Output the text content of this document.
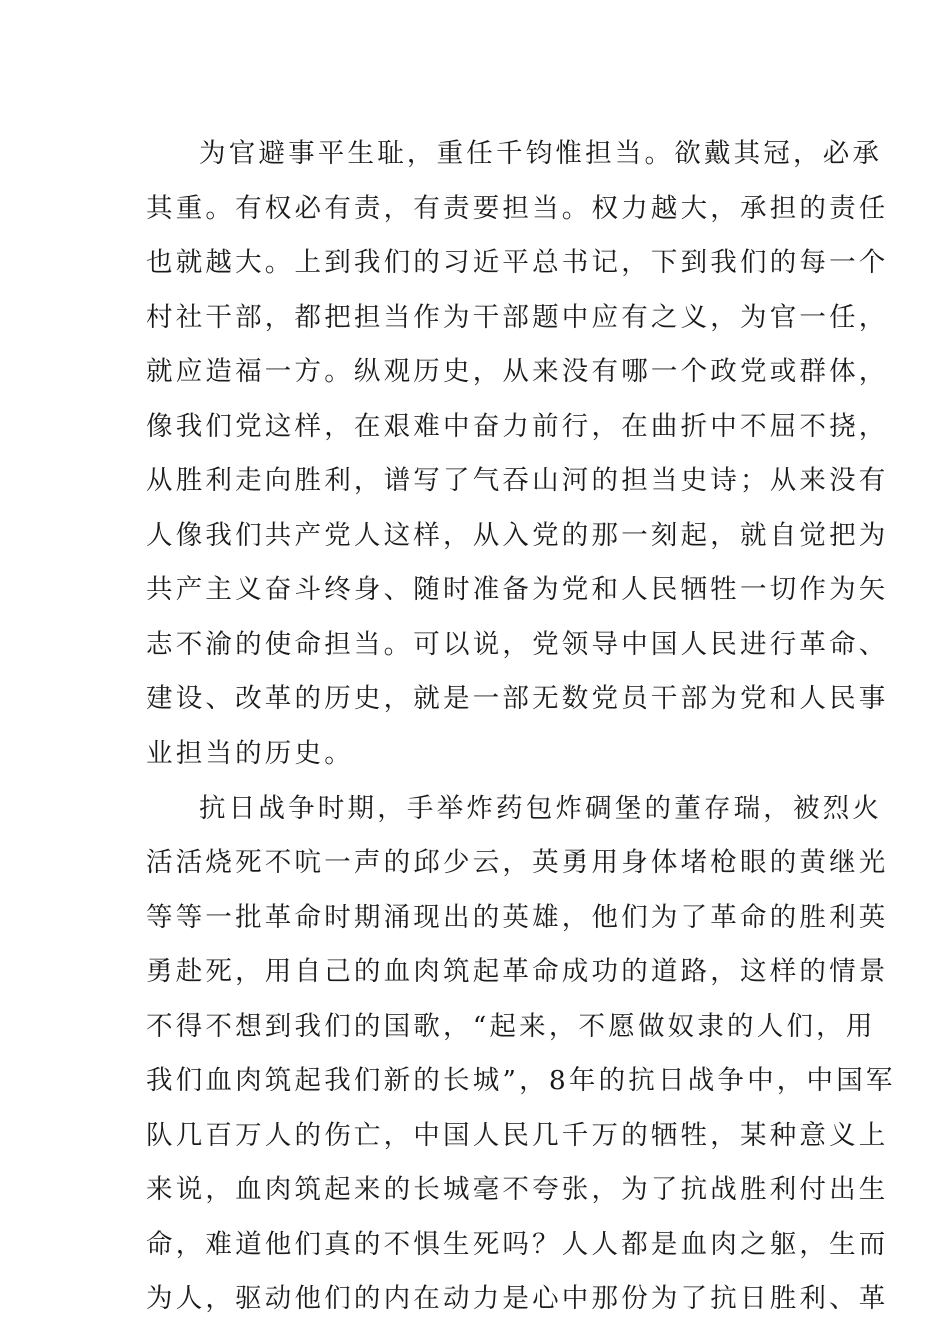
为官避事平生耻，重任千钧惟担当。欲戴其冠，必承
其重。有权必有责，有责要担当。权力越大，承担的责任
也就越大。上到我们的习近平总书记，下到我们的每一个
村社干部，都把担当作为干部题中应有之义，为官一任，
就应造福一方。纵观历史，从来没有哪一个政党或群体，
像我们党这样，在艰难中奋力前行，在曲折中不屈不挠，
从胜利走向胜利，谱写了气吞山河的担当史诗；从来没有
人像我们共产党人这样，从入党的那一刻起，就自觉把为
共产主义奋斗终身、随时准备为党和人民牺牲一切作为矢
志不渝的使命担当。可以说，党领导中国人民进行革命、
建设、改革的历史，就是一部无数党员干部为党和人民事
业担当的历史。
抗日战争时期，手举炸药包炸碉堡的董存瑞，被烈火
活活烧死不吭一声的邱少云，英勇用身体堵枪眼的黄继光
等等一批革命时期涌现出的英雄，他们为了革命的胜利英
勇赴死，用自己的血肉筑起革命成功的道路，这样的情景
不得不想到我们的国歌，“起来，不愿做奴隶的人们，用
我们血肉筑起我们新的长城”，8年的抗日战争中，中国军
队几百万人的伤亡，中国人民几千万的牺牲，某种意义上
来说，血肉筑起来的长城毫不夸张，为了抗战胜利付出生
命，难道他们真的不惧生死吗？人人都是血肉之躯，生而
为人，驱动他们的内在动力是心中那份为了抗日胜利、革
